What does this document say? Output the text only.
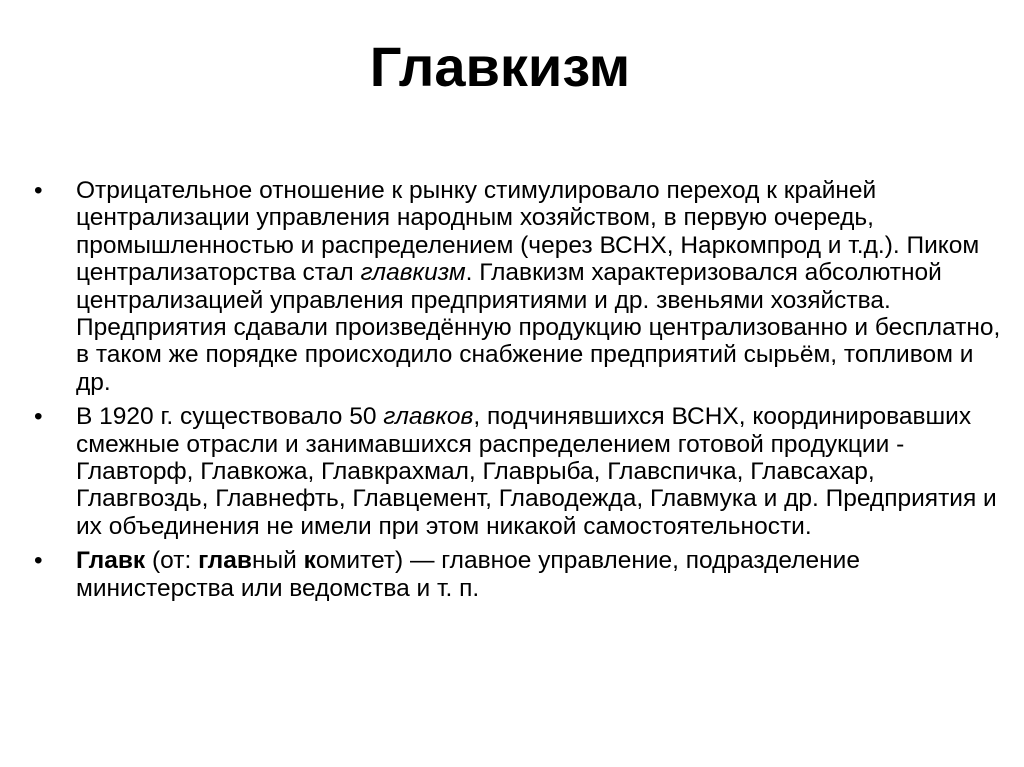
Главкизм
• Отрицательное отношение к рынку стимулировало переход к крайней централизации управления народным хозяйством, в первую очередь, промышленностью и распределением (через ВСНХ, Наркомпрод и т.д.). Пиком централизаторства стал главкизм. Главкизм характеризовался абсолютной централизацией управления предприятиями и др. звеньями хозяйства. Предприятия сдавали произведённую продукцию централизованно и бесплатно, в таком же порядке происходило снабжение предприятий сырьём, топливом и др.
• В 1920 г. существовало 50 главков, подчинявшихся ВСНХ, координировавших смежные отрасли и занимавшихся распределением готовой продукции - Главторф, Главкожа, Главкрахмал, Главрыба, Главспичка, Главсахар, Главгвоздь, Главнефть, Главцемент, Главодежда, Главмука и др. Предприятия и их объединения не имели при этом никакой самостоятельности.
• Главк (от: главный комитет) — главное управление, подразделение министерства или ведомства и т. п.
